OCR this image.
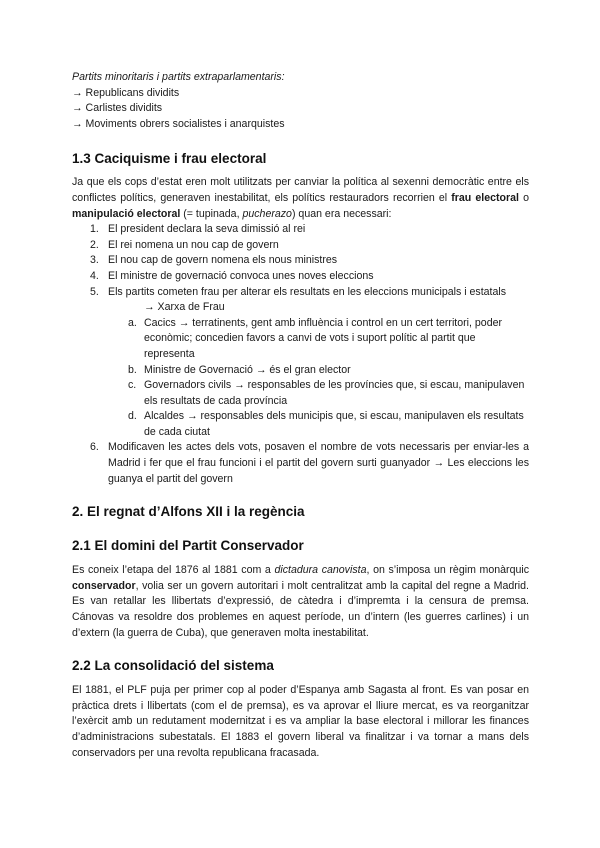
Partits minoritaris i partits extraparlamentaris:

→ Republicans dividits

→ Carlistes dividits

→ Moviments obrers socialistes i anarquistes

1.3 Caciquisme i frau electoral

Ja que els cops d’estat eren molt utilitzats per canviar la política al sexenni democràtic entre els conflictes polítics, generaven inestabilitat, els polítics restauradors recorrien el frau electoral o manipulació electoral (= tupinada, pucherazo) quan era necessari:

1. El president declara la seva dimissió al rei
2. El rei nomena un nou cap de govern
3. El nou cap de govern nomena els nous ministres
4. El ministre de governació convoca unes noves eleccions
5. Els partits cometen frau per alterar els resultats en les eleccions municipals i estatals
→ Xarxa de Frau
a. Cacics → terratinents, gent amb influència i control en un cert territori, poder econòmic; concedien favors a canvi de vots i suport polític al partit que representa
b. Ministre de Governació → és el gran elector
c. Governadors civils → responsables de les províncies que, si escau, manipulaven els resultats de cada província
d. Alcaldes → responsables dels municipis que, si escau, manipulaven els resultats de cada ciutat
6. Modificaven les actes dels vots, posaven el nombre de vots necessaris per enviar-les a Madrid i fer que el frau funcioni i el partit del govern surti guanyador → Les eleccions les guanya el partit del govern
2. El regnat d’Alfons XII i la regència
2.1 El domini del Partit Conservador

Es coneix l’etapa del 1876 al 1881 com a dictadura canovista, on s’imposa un règim monàrquic conservador, volia ser un govern autoritari i molt centralitzat amb la capital del regne a Madrid. Es van retallar les llibertats d’expressió, de càtedra i d’impremta i la censura de premsa. Cánovas va resoldre dos problemes en aquest període, un d’intern (les guerres carlines) i un d’extern (la guerra de Cuba), que generaven molta inestabilitat.

2.2 La consolidació del sistema

El 1881, el PLF puja per primer cop al poder d’Espanya amb Sagasta al front. Es van posar en pràctica drets i llibertats (com el de premsa), es va aprovar el lliure mercat, es va reorganitzar l’exèrcit amb un redutament modernitzat i es va ampliar la base electoral i millorar les finances d’administracions subestatals. El 1883 el govern liberal va finalitzar i va tornar a mans dels conservadors per una revolta republicana fracasada.
